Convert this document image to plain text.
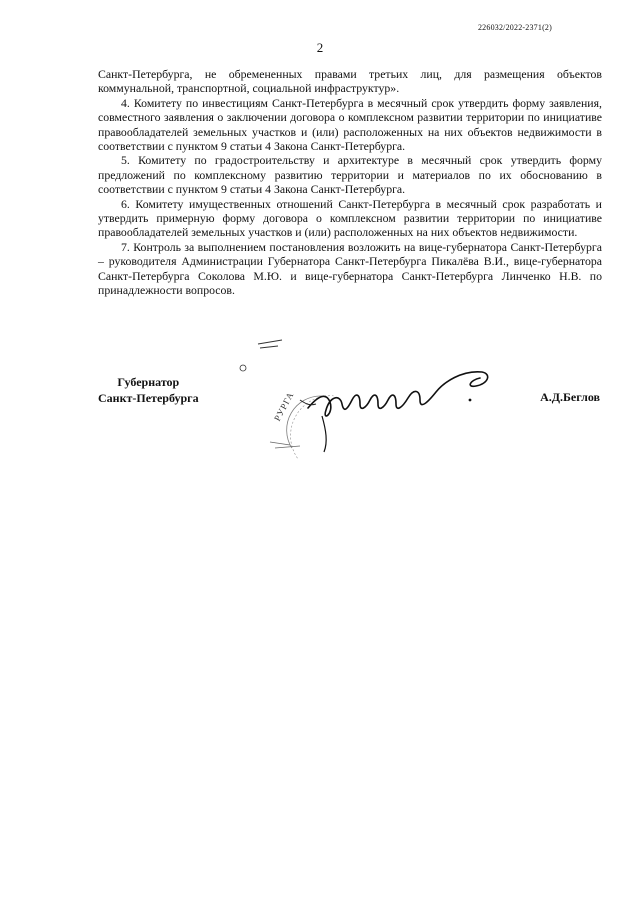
226032/2022-2371(2)
2

Санкт-Петербурга, не обремененных правами третьих лиц, для размещения объектов коммунальной, транспортной, социальной инфраструктур».

4. Комитету по инвестициям Санкт-Петербурга в месячный срок утвердить форму заявления, совместного заявления о заключении договора о комплексном развитии территории по инициативе правообладателей земельных участков и (или) расположенных на них объектов недвижимости в соответствии с пунктом 9 статьи 4 Закона Санкт-Петербурга.

5. Комитету по градостроительству и архитектуре в месячный срок утвердить форму предложений по комплексному развитию территории и материалов по их обоснованию в соответствии с пунктом 9 статьи 4 Закона Санкт-Петербурга.

6. Комитету имущественных отношений Санкт-Петербурга в месячный срок разработать и утвердить примерную форму договора о комплексном развитии территории по инициативе правообладателей земельных участков и (или) расположенных на них объектов недвижимости.

7. Контроль за выполнением постановления возложить на вице-губернатора Санкт-Петербурга – руководителя Администрации Губернатора Санкт-Петербурга Пикалёва В.И., вице-губернатора Санкт-Петербурга Соколова М.Ю. и вице-губернатора Санкт-Петербурга Линченко Н.В. по принадлежности вопросов.

Губернатор
Санкт-Петербурга	РУРГА	А.Д.Беглов
